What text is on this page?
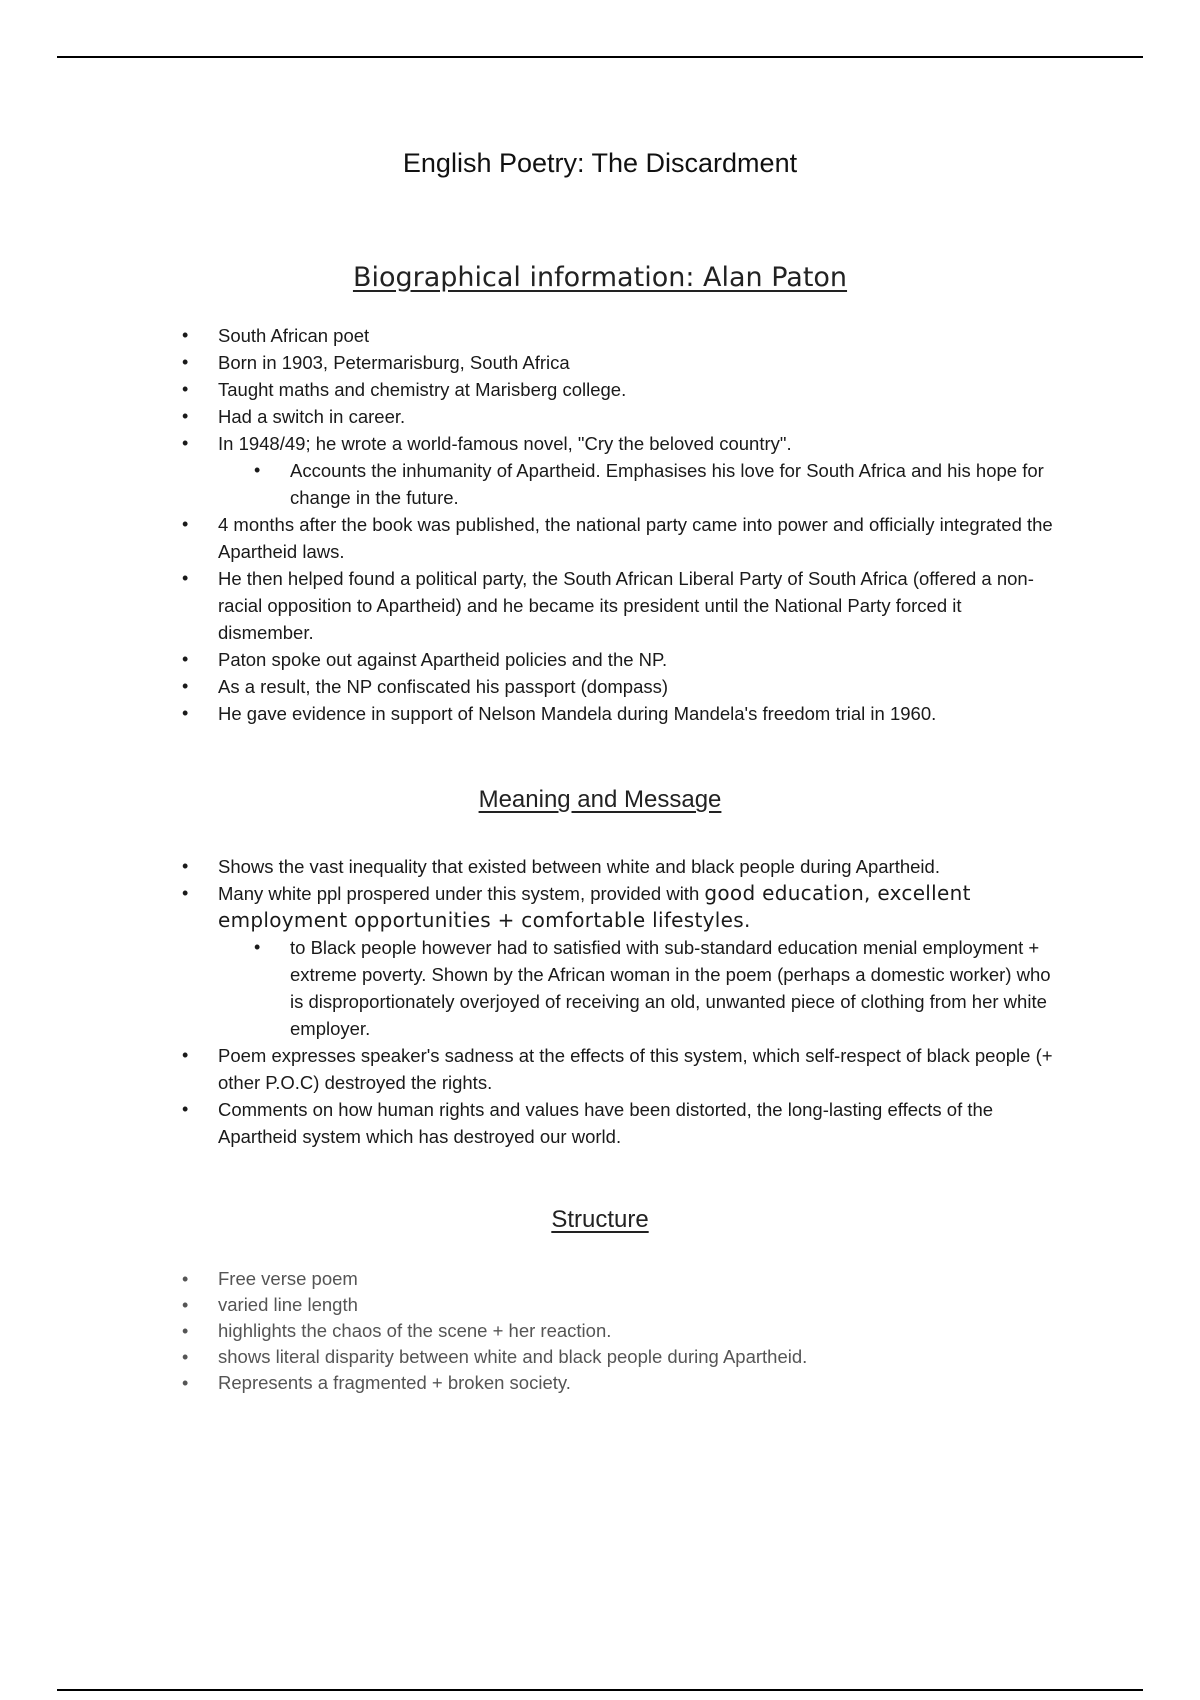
English Poetry: The Discardment
Biographical information: Alan Paton
• South African poet
• Born in 1903, Petermarisburg, South Africa
• Taught maths and chemistry at Marisberg college.
• Had a switch in career.
• In 1948/49; he wrote a world-famous novel, "Cry the beloved country".
• Accounts the inhumanity of Apartheid. Emphasises his love for South Africa and his hope for change in the future.
• 4 months after the book was published, the national party came into power and officially integrated the Apartheid laws.
• He then helped found a political party, the South African Liberal Party of South Africa (offered a non-racial opposition to Apartheid) and he became its president until the National Party forced it dismember.
• Paton spoke out against Apartheid policies and the NP.
• As a result, the NP confiscated his passport (dompass)
• He gave evidence in support of Nelson Mandela during Mandela's freedom trial in 1960.
Meaning and Message
• Shows the vast inequality that existed between white and black people during Apartheid.
• Many white ppl prospered under this system, provided with good education, excellent employment opportunities + comfortable lifestyles.
• to Black people however had to satisfied with sub-standard education menial employment + extreme poverty. Shown by the African woman in the poem (perhaps a domestic worker) who is disproportionately overjoyed of receiving an old, unwanted piece of clothing from her white employer.
• Poem expresses speaker's sadness at the effects of this system, which self-respect of black people (+ other P.O.C) destroyed the rights.
• Comments on how human rights and values have been distorted, the long-lasting effects of the Apartheid system which has destroyed our world.
Structure
• Free verse poem
• varied line length
• highlights the chaos of the scene + her reaction.
• shows literal disparity between white and black people during Apartheid.
• Represents a fragmented + broken society.
